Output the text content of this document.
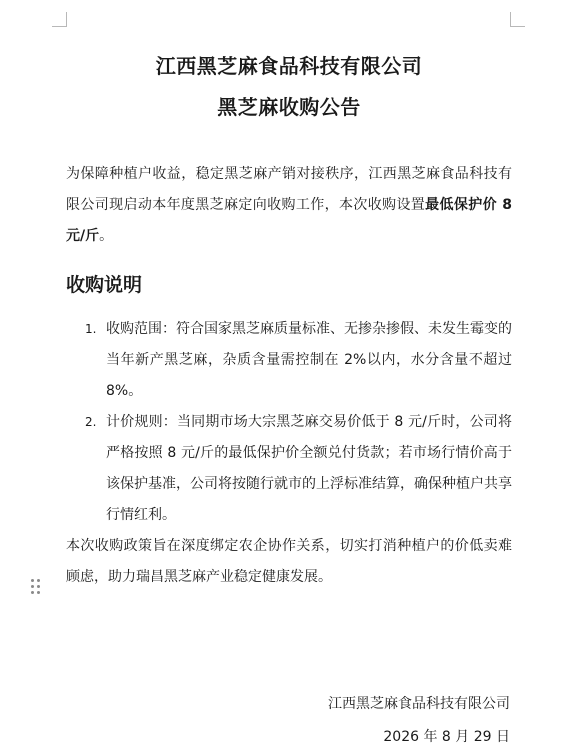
江西黑芝麻食品科技有限公司
黑芝麻收购公告

为保障种植户收益，稳定黑芝麻产销对接秩序，江西黑芝麻食品科技有限公司现启动本年度黑芝麻定向收购工作，本次收购设置最低保护价 8 元/斤。

收购说明
1. 收购范围：符合国家黑芝麻质量标准、无掺杂掺假、未发生霉变的当年新产黑芝麻，杂质含量需控制在 2%以内，水分含量不超过 8%。
2. 计价规则：当同期市场大宗黑芝麻交易价低于 8 元/斤时，公司将严格按照 8 元/斤的最低保护价全额兑付货款；若市场行情价高于该保护基准，公司将按随行就市的上浮标准结算，确保种植户共享行情红利。

本次收购政策旨在深度绑定农企协作关系，切实打消种植户的价低卖难顾虑，助力瑞昌黑芝麻产业稳定健康发展。

江西黑芝麻食品科技有限公司
2026 年 8 月 29 日
